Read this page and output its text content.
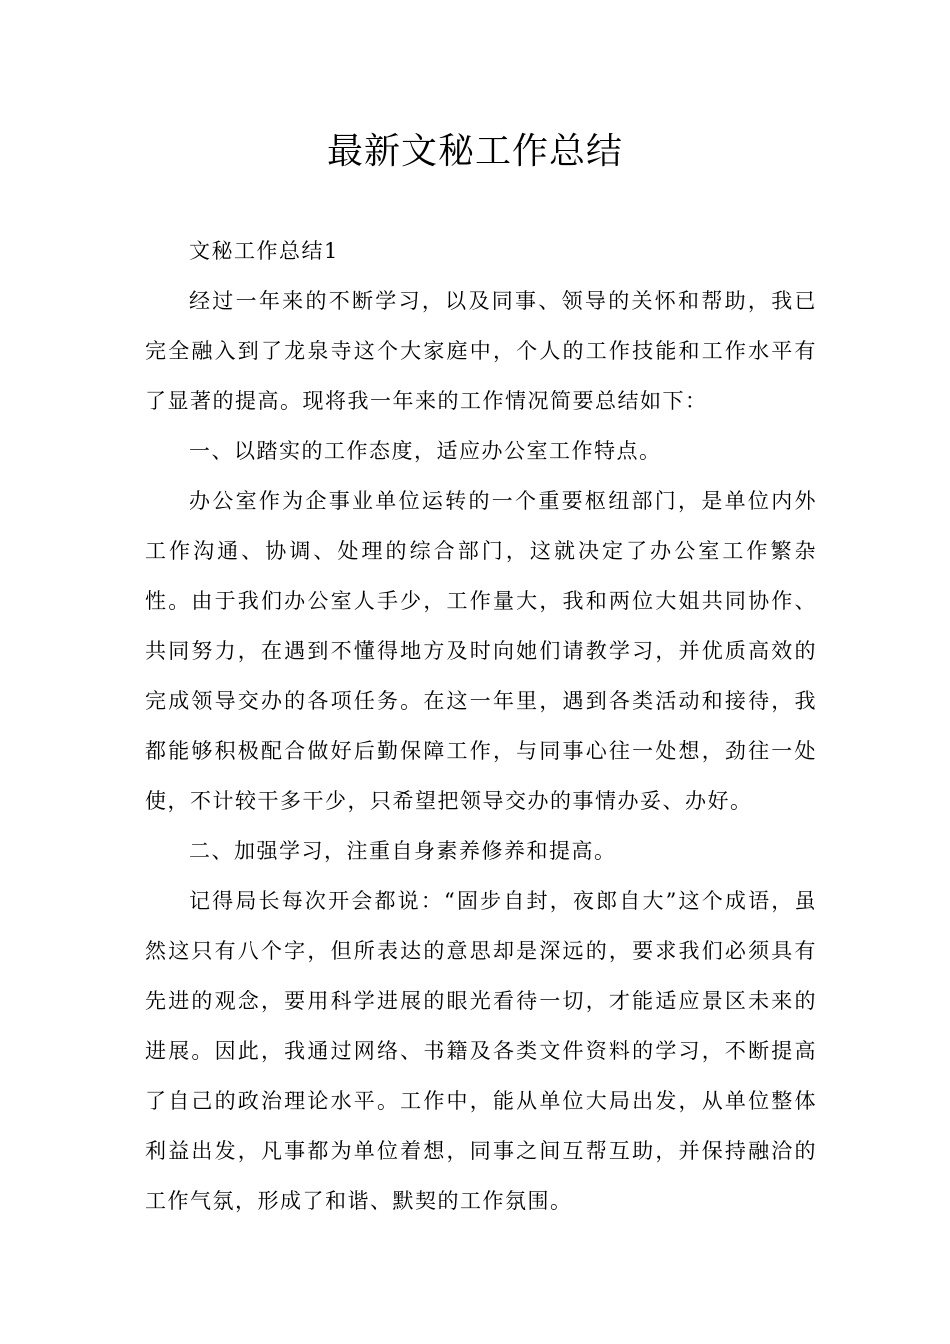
最新文秘工作总结

文秘工作总结1

经过一年来的不断学习，以及同事、领导的关怀和帮助，我已完全融入到了龙泉寺这个大家庭中，个人的工作技能和工作水平有了显著的提高。现将我一年来的工作情况简要总结如下：

一、以踏实的工作态度，适应办公室工作特点。

办公室作为企事业单位运转的一个重要枢纽部门，是单位内外工作沟通、协调、处理的综合部门，这就决定了办公室工作繁杂性。由于我们办公室人手少，工作量大，我和两位大姐共同协作、共同努力，在遇到不懂得地方及时向她们请教学习，并优质高效的完成领导交办的各项任务。在这一年里，遇到各类活动和接待，我都能够积极配合做好后勤保障工作，与同事心往一处想，劲往一处使，不计较干多干少，只希望把领导交办的事情办妥、办好。

二、加强学习，注重自身素养修养和提高。

记得局长每次开会都说：“固步自封，夜郎自大”这个成语，虽然这只有八个字，但所表达的意思却是深远的，要求我们必须具有先进的观念，要用科学进展的眼光看待一切，才能适应景区未来的进展。因此，我通过网络、书籍及各类文件资料的学习，不断提高了自己的政治理论水平。工作中，能从单位大局出发，从单位整体利益出发，凡事都为单位着想，同事之间互帮互助，并保持融洽的工作气氛，形成了和谐、默契的工作氛围。
